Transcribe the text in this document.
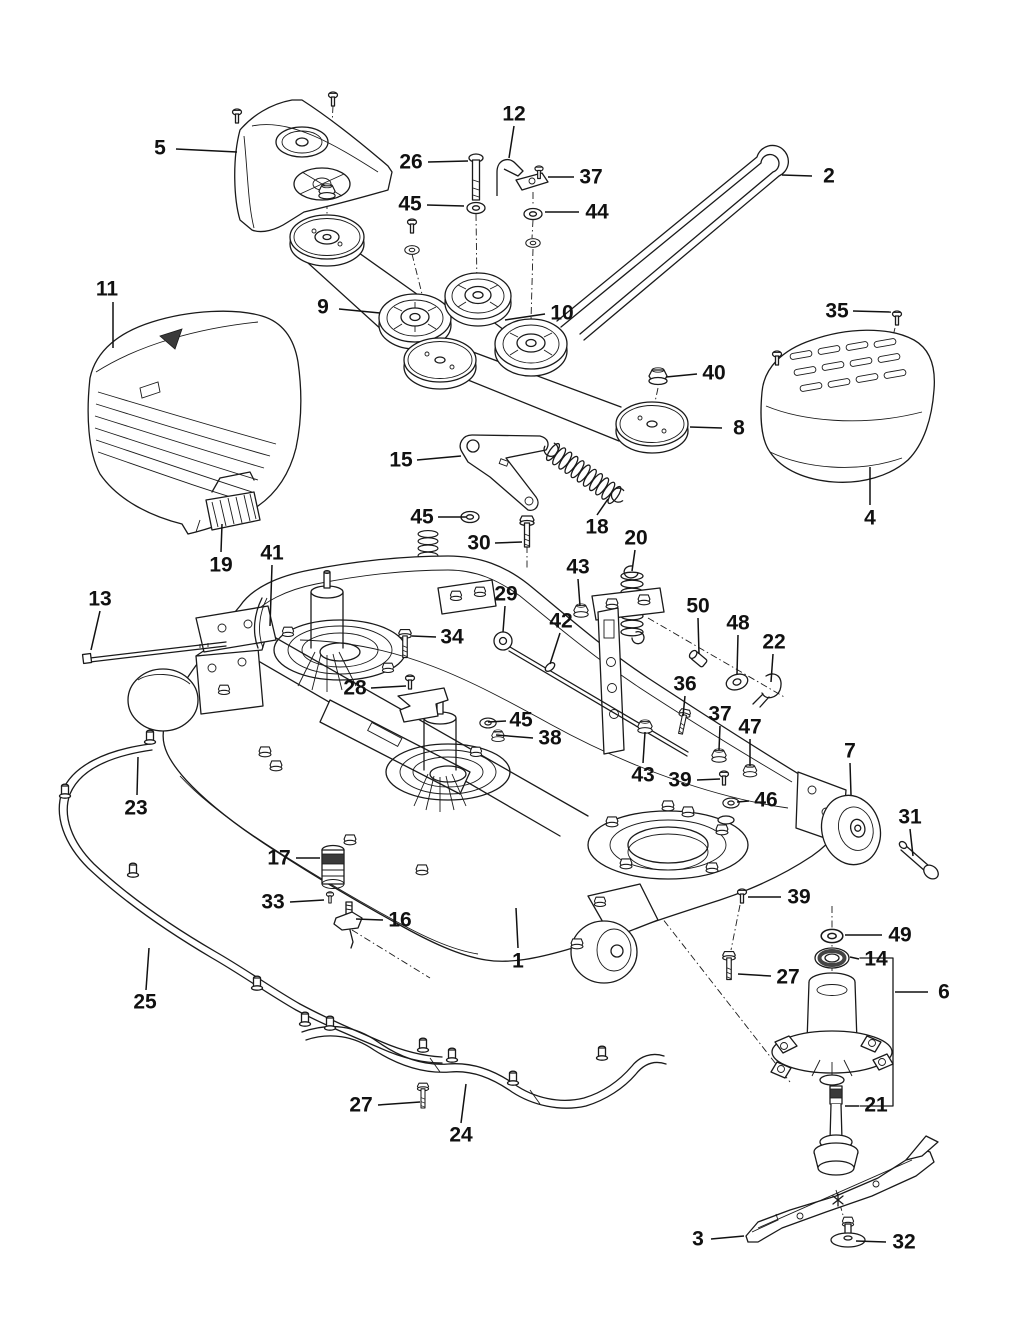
5
26
12
37
45	44
2
11
9	10	35
40
8
4
15
18 20
45
30
19
41
13	29
43
42
50
48
22
34
28	36
37
47
45
38
43 39
46
7
23	31
17
33
16
1
39
49
14
6
27
25
21
27
24
3	32
